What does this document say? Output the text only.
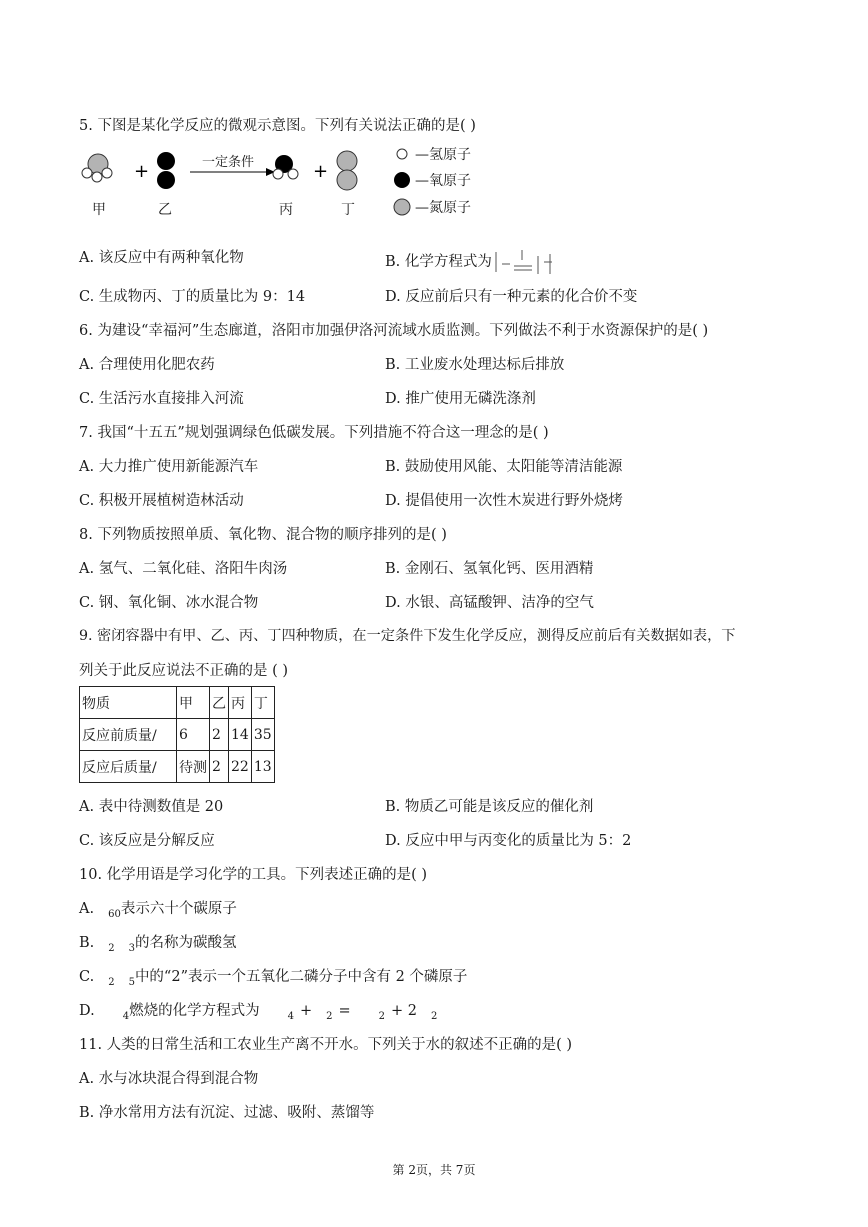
5. 下图是某化学反应的微观示意图。下列有关说法正确的是( )
+	+
一定条件
甲	乙	丙	丁
—氢原子
—氧原子
—氮原子
A. 该反应中有两种氧化物	B. 化学方程式为
C. 生成物丙、丁的质量比为 9：14	D. 反应前后只有一种元素的化合价不变
6. 为建设“幸福河”生态廊道，洛阳市加强伊洛河流域水质监测。下列做法不利于水资源保护的是( )
A. 合理使用化肥农药	B. 工业废水处理达标后排放
C. 生活污水直接排入河流	D. 推广使用无磷洗涤剂
7. 我国“十五五”规划强调绿色低碳发展。下列措施不符合这一理念的是( )
A. 大力推广使用新能源汽车	B. 鼓励使用风能、太阳能等清洁能源
C. 积极开展植树造林活动	D. 提倡使用一次性木炭进行野外烧烤
8. 下列物质按照单质、氧化物、混合物的顺序排列的是( )
A. 氢气、二氧化硅、洛阳牛肉汤	B. 金刚石、氢氧化钙、医用酒精
C. 钢、氧化铜、冰水混合物	D. 水银、高锰酸钾、洁净的空气
9. 密闭容器中有甲、乙、丙、丁四种物质，在一定条件下发生化学反应，测得反应前后有关数据如表，下
列关于此反应说法不正确的是 ( )
物质	甲	乙	丙	丁
反应前质量/	6	2	14	35
反应后质量/	待测	2	22	13
A. 表中待测数值是 20	B. 物质乙可能是该反应的催化剂
C. 该反应是分解反应	D. 反应中甲与丙变化的质量比为 5：2
10. 化学用语是学习化学的工具。下列表述正确的是( )
A. $_{60}$表示六十个碳原子
B. $_2$ $_3$的名称为碳酸氢
C. $_2$ $_5$中的“2”表示一个五氧化二磷分子中含有 2 个磷原子
D.	$_4$燃烧的化学方程式为	$_4$ + $_2$ =	$_2$ + 2 $_2$
11. 人类的日常生活和工农业生产离不开水。下列关于水的叙述不正确的是( )
A. 水与冰块混合得到混合物
B. 净水常用方法有沉淀、过滤、吸附、蒸馏等
第 2页，共 7页
